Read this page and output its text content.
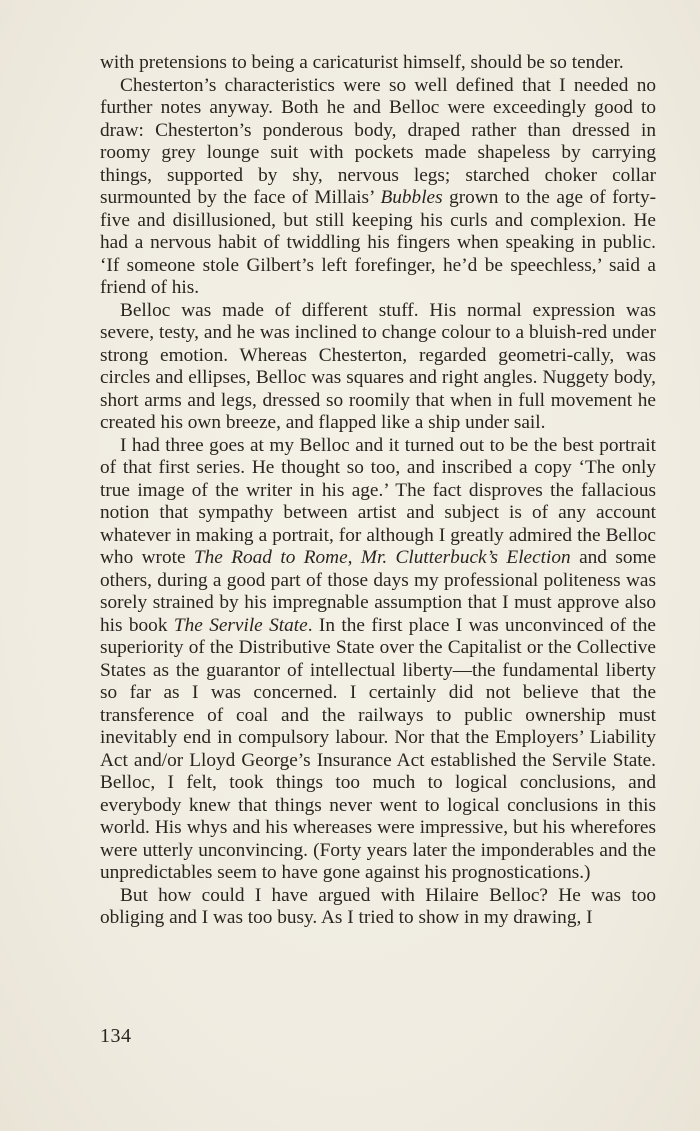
with pretensions to being a caricaturist himself, should be so tender.

Chesterton’s characteristics were so well defined that I needed no further notes anyway. Both he and Belloc were exceedingly good to draw: Chesterton’s ponderous body, draped rather than dressed in roomy grey lounge suit with pockets made shapeless by carrying things, supported by shy, nervous legs; starched choker collar surmounted by the face of Millais’ Bubbles grown to the age of forty-five and disillusioned, but still keeping his curls and complexion. He had a nervous habit of twiddling his fingers when speaking in public. ‘If someone stole Gilbert’s left forefinger, he’d be speechless,’ said a friend of his.

Belloc was made of different stuff. His normal expression was severe, testy, and he was inclined to change colour to a bluish-red under strong emotion. Whereas Chesterton, regarded geometri-cally, was circles and ellipses, Belloc was squares and right angles. Nuggety body, short arms and legs, dressed so roomily that when in full movement he created his own breeze, and flapped like a ship under sail.

I had three goes at my Belloc and it turned out to be the best portrait of that first series. He thought so too, and inscribed a copy ‘The only true image of the writer in his age.’ The fact disproves the fallacious notion that sympathy between artist and subject is of any account whatever in making a portrait, for although I greatly admired the Belloc who wrote The Road to Rome, Mr. Clutterbuck’s Election and some others, during a good part of those days my professional politeness was sorely strained by his impregnable assumption that I must approve also his book The Servile State. In the first place I was unconvinced of the superiority of the Distributive State over the Capitalist or the Collective States as the guarantor of intellectual liberty—the fundamental liberty so far as I was concerned. I certainly did not believe that the transference of coal and the railways to public ownership must inevitably end in compulsory labour. Nor that the Employers’ Liability Act and/or Lloyd George’s Insurance Act established the Servile State. Belloc, I felt, took things too much to logical conclusions, and everybody knew that things never went to logical conclusions in this world. His whys and his whereases were impressive, but his wherefores were utterly unconvincing. (Forty years later the imponderables and the unpredictables seem to have gone against his prognostications.)

But how could I have argued with Hilaire Belloc? He was too obliging and I was too busy. As I tried to show in my drawing, I

134
